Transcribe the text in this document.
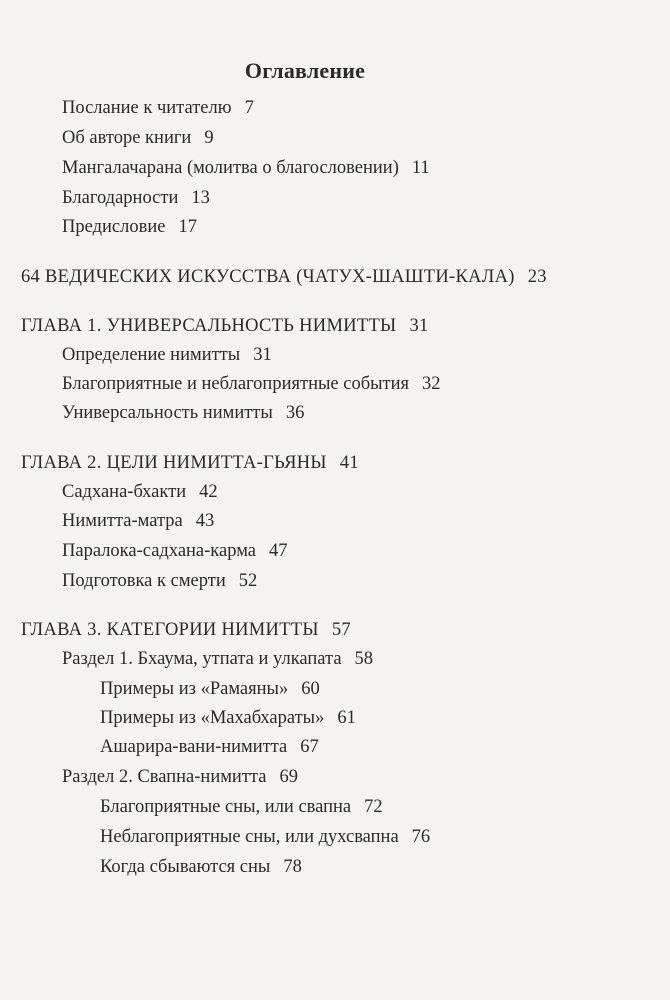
Оглавление
Послание к читателю 7
Об авторе книги 9
Мангалачарана (молитва о благословении) 11
Благодарности 13
Предисловие 17
64 ВЕДИЧЕСКИХ ИСКУССТВА (ЧАТУХ-ШАШТИ-КАЛА) 23
ГЛАВА 1. УНИВЕРСАЛЬНОСТЬ НИМИТТЫ 31
Определение нимитты 31
Благоприятные и неблагоприятные события 32
Универсальность нимитты 36
ГЛАВА 2. ЦЕЛИ НИМИТТА-ГЬЯНЫ 41
Садхана-бхакти 42
Нимитта-матра 43
Паралока-садхана-карма 47
Подготовка к смерти 52
ГЛАВА 3. КАТЕГОРИИ НИМИТТЫ 57
Раздел 1. Бхаума, утпата и улкапата 58
Примеры из «Рамаяны» 60
Примеры из «Махабхараты» 61
Ашарира-вани-нимитта 67
Раздел 2. Свапна-нимитта 69
Благоприятные сны, или свапна 72
Неблагоприятные сны, или духсвапна 76
Когда сбываются сны 78
